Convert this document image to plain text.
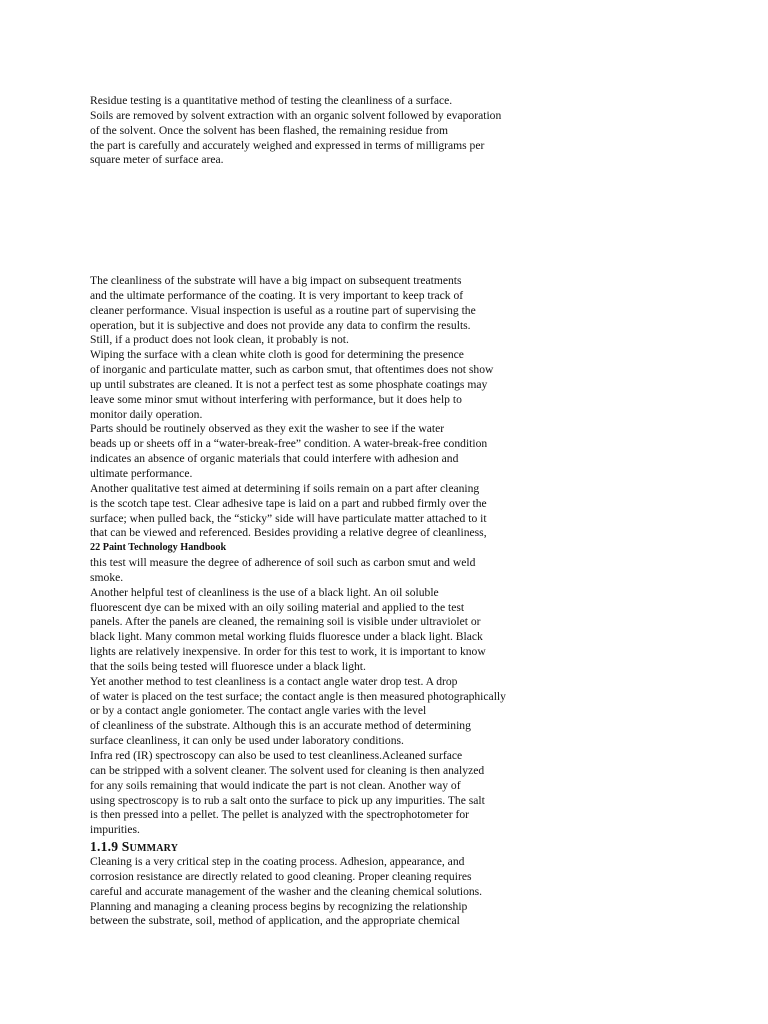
Residue testing is a quantitative method of testing the cleanliness of a surface.
Soils are removed by solvent extraction with an organic solvent followed by evaporation
of the solvent. Once the solvent has been flashed, the remaining residue from
the part is carefully and accurately weighed and expressed in terms of milligrams per
square meter of surface area.
The cleanliness of the substrate will have a big impact on subsequent treatments
and the ultimate performance of the coating. It is very important to keep track of
cleaner performance. Visual inspection is useful as a routine part of supervising the
operation, but it is subjective and does not provide any data to confirm the results.
Still, if a product does not look clean, it probably is not.
Wiping the surface with a clean white cloth is good for determining the presence
of inorganic and particulate matter, such as carbon smut, that oftentimes does not show
up until substrates are cleaned. It is not a perfect test as some phosphate coatings may
leave some minor smut without interfering with performance, but it does help to
monitor daily operation.
Parts should be routinely observed as they exit the washer to see if the water
beads up or sheets off in a “water-break-free” condition. A water-break-free condition
indicates an absence of organic materials that could interfere with adhesion and
ultimate performance.
Another qualitative test aimed at determining if soils remain on a part after cleaning
is the scotch tape test. Clear adhesive tape is laid on a part and rubbed firmly over the
surface; when pulled back, the “sticky” side will have particulate matter attached to it
that can be viewed and referenced. Besides providing a relative degree of cleanliness,
22 Paint Technology Handbook
this test will measure the degree of adherence of soil such as carbon smut and weld
smoke.
Another helpful test of cleanliness is the use of a black light. An oil soluble
fluorescent dye can be mixed with an oily soiling material and applied to the test
panels. After the panels are cleaned, the remaining soil is visible under ultraviolet or
black light. Many common metal working fluids fluoresce under a black light. Black
lights are relatively inexpensive. In order for this test to work, it is important to know
that the soils being tested will fluoresce under a black light.
Yet another method to test cleanliness is a contact angle water drop test. A drop
of water is placed on the test surface; the contact angle is then measured photographically
or by a contact angle goniometer. The contact angle varies with the level
of cleanliness of the substrate. Although this is an accurate method of determining
surface cleanliness, it can only be used under laboratory conditions.
Infra red (IR) spectroscopy can also be used to test cleanliness.Acleaned surface
can be stripped with a solvent cleaner. The solvent used for cleaning is then analyzed
for any soils remaining that would indicate the part is not clean. Another way of
using spectroscopy is to rub a salt onto the surface to pick up any impurities. The salt
is then pressed into a pellet. The pellet is analyzed with the spectrophotometer for
impurities.
1.1.9 Summary
Cleaning is a very critical step in the coating process. Adhesion, appearance, and
corrosion resistance are directly related to good cleaning. Proper cleaning requires
careful and accurate management of the washer and the cleaning chemical solutions.
Planning and managing a cleaning process begins by recognizing the relationship
between the substrate, soil, method of application, and the appropriate chemical
